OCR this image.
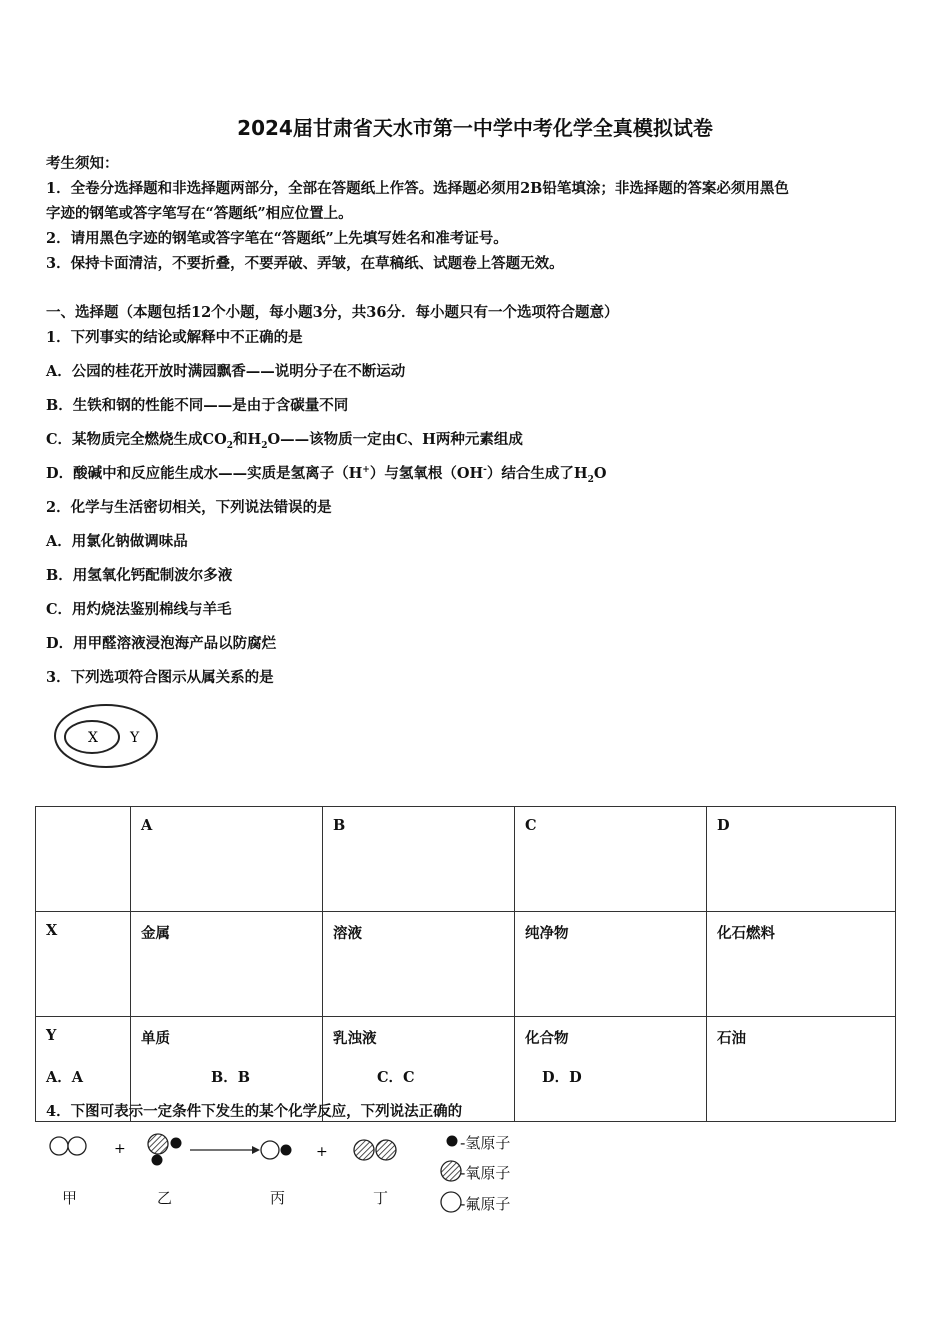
2024届甘肃省天水市第一中学中考化学全真模拟试卷
考生须知：
1．全卷分选择题和非选择题两部分，全部在答题纸上作答。选择题必须用2B铅笔填涂；非选择题的答案必须用黑色
字迹的钢笔或答字笔写在“答题纸”相应位置上。
2．请用黑色字迹的钢笔或答字笔在“答题纸”上先填写姓名和准考证号。
3．保持卡面清洁，不要折叠，不要弄破、弄皱，在草稿纸、试题卷上答题无效。
一、选择题（本题包括12个小题，每小题3分，共36分．每小题只有一个选项符合题意）
1．下列事实的结论或解释中不正确的是
A．公园的桂花开放时满园飘香——说明分子在不断运动
B．生铁和钢的性能不同——是由于含碳量不同
C．某物质完全燃烧生成$CO_2$和$H_2O——$该物质一定由C、H两种元素组成
D．酸碱中和反应能生成水——实质是氢离子（H+）与氢氧根（OH-）结合生成了$H_2O$
2．化学与生活密切相关，下列说法错误的是
A．用氯化钠做调味品
B．用氢氧化钙配制波尔多液
C．用灼烧法鉴别棉线与羊毛
D．用甲醛溶液浸泡海产品以防腐烂
3．下列选项符合图示从属关系的是
X Y
	A	B	C	D
X	金属	溶液	纯净物	化石燃料
Y	单质	乳浊液	化合物	石油
A．A	B．B	C．C	D．D
4．下图可表示一定条件下发生的某个化学反应，下列说法正确的
+	+
甲	乙	丙	丁
-氢原子
-氧原子
-氟原子
